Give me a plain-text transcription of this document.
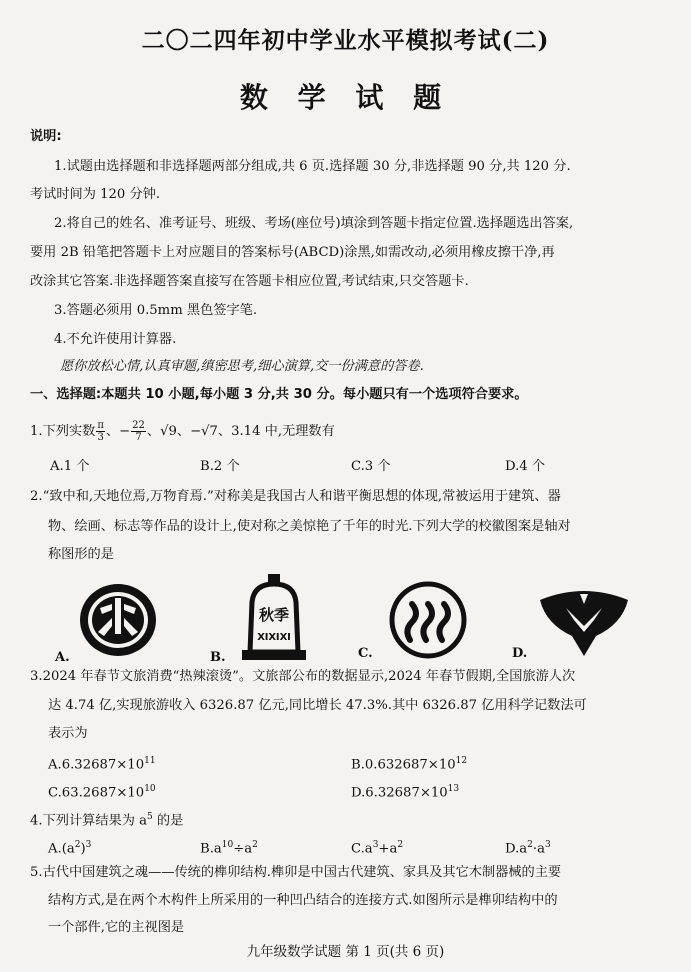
二〇二四年初中学业水平模拟考试(二)
数 学 试 题
说明:
1.试题由选择题和非选择题两部分组成,共 6 页.选择题 30 分,非选择题 90 分,共 120 分.
考试时间为 120 分钟.
2.将自己的姓名、准考证号、班级、考场(座位号)填涂到答题卡指定位置.选择题选出答案,
要用 2B 铅笔把答题卡上对应题目的答案标号(ABCD)涂黑,如需改动,必须用橡皮擦干净,再
改涂其它答案.非选择题答案直接写在答题卡相应位置,考试结束,只交答题卡.
3.答题必须用 0.5mm 黑色签字笔.
4.不允许使用计算器.
愿你放松心情,认真审题,缜密思考,细心演算,交一份满意的答卷.
一、选择题:本题共 10 小题,每小题 3 分,共 30 分。每小题只有一个选项符合要求。
1.下列实数 $\frac{\pi}{3}$ 、− $\frac{22}{7}$ 、√9、−√7、3.14 中,无理数有
A.1 个	B.2 个	C.3 个	D.4 个
2.“致中和,天地位焉,万物育焉.”对称美是我国古人和谐平衡思想的体现,常被运用于建筑、器
物、绘画、标志等作品的设计上,使对称之美惊艳了千年的时光.下列大学的校徽图案是轴对
称图形的是
A.
秋季
ⅪⅪⅪ
B.	C.	D.
3.2024 年春节文旅消费“热辣滚烫”。文旅部公布的数据显示,2024 年春节假期,全国旅游人次
达 4.74 亿,实现旅游收入 6326.87 亿元,同比增长 47.3%.其中 6326.87 亿用科学记数法可
表示为
$A.6.32687\times 10^{11}$	$B.0.632687\times 10^{12}$
$C.63.2687\times 10^{10}$	$D.6.32687\times 10^{13}$
4.下列计算结果为 $a^5$ 的是
$A.(a^2)^3$	$B.a^{10}\div a^2$	$C.a^3+a^2$	$D.a^2\cdot a^3$
5.古代中国建筑之魂——传统的榫卯结构.榫卯是中国古代建筑、家具及其它木制器械的主要
结构方式,是在两个木构件上所采用的一种凹凸结合的连接方式.如图所示是榫卯结构中的
一个部件,它的主视图是
九年级数学试题 第 1 页(共 6 页)
